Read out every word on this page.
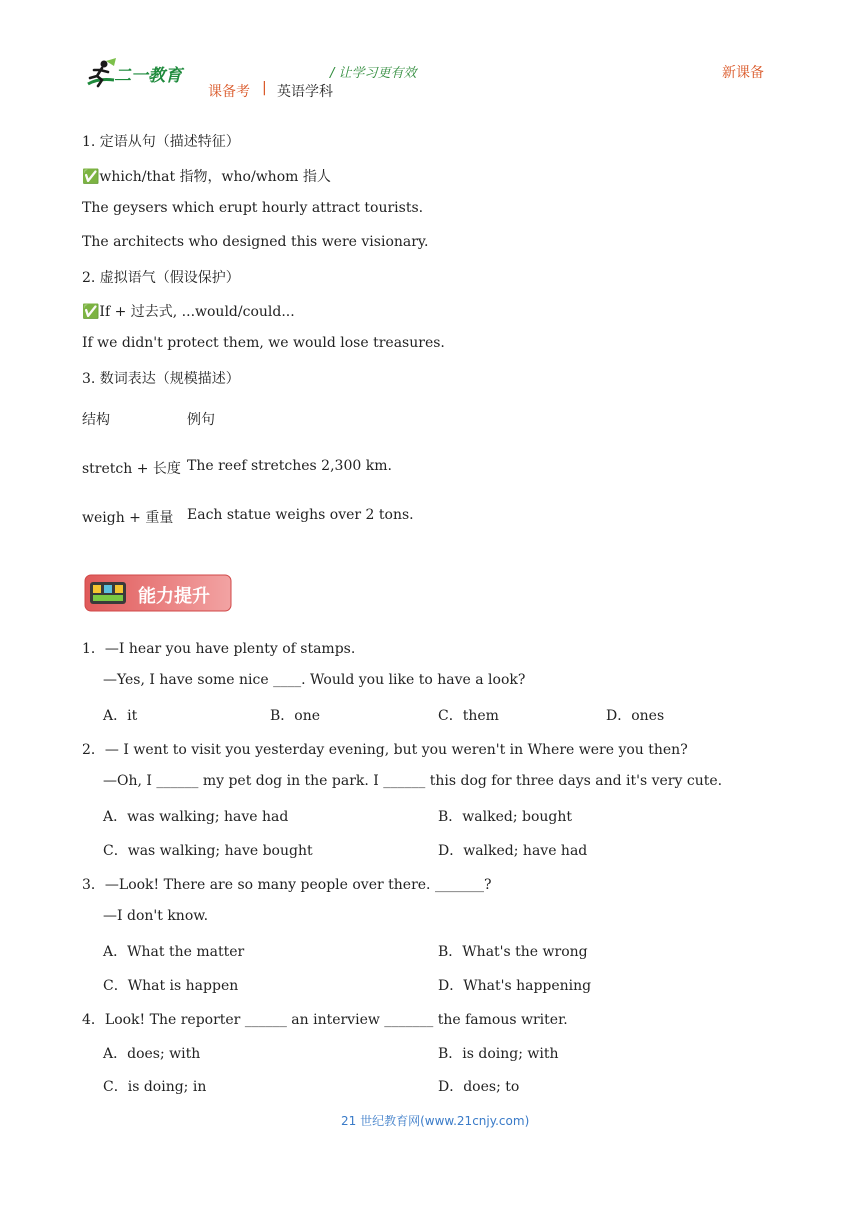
二一教育	/ 让学习更有效	新课备
课备考 | 英语学科
1. 定语从句（描述特征）
✅which/that 指物，who/whom 指人
The geysers which erupt hourly attract tourists.
The architects who designed this were visionary.
2. 虚拟语气（假设保护）
✅If + 过去式, ...would/could...
If we didn't protect them, we would lose treasures.
3. 数词表达（规模描述）
结构	例句
stretch + 长度 The reef stretches 2,300 km.
weigh + 重量 Each statue weighs over 2 tons.
能力提升
1．—I hear you have plenty of stamps.
—Yes, I have some nice ____. Would you like to have a look?
A．it	B．one	C．them	D．ones
2．— I went to visit you yesterday evening, but you weren't in Where were you then?
—Oh, I ______ my pet dog in the park. I ______ this dog for three days and it's very cute.
A．was walking; have had	B．walked; bought
C．was walking; have bought	D．walked; have had
3．—Look! There are so many people over there. _______?
—I don't know.
A．What the matter	B．What's the wrong
C．What is happen	D．What's happening
4．Look! The reporter ______ an interview _______ the famous writer.
A．does; with	B．is doing; with
C．is doing; in	D．does; to
21 世纪教育网(www.21cnjy.com)
